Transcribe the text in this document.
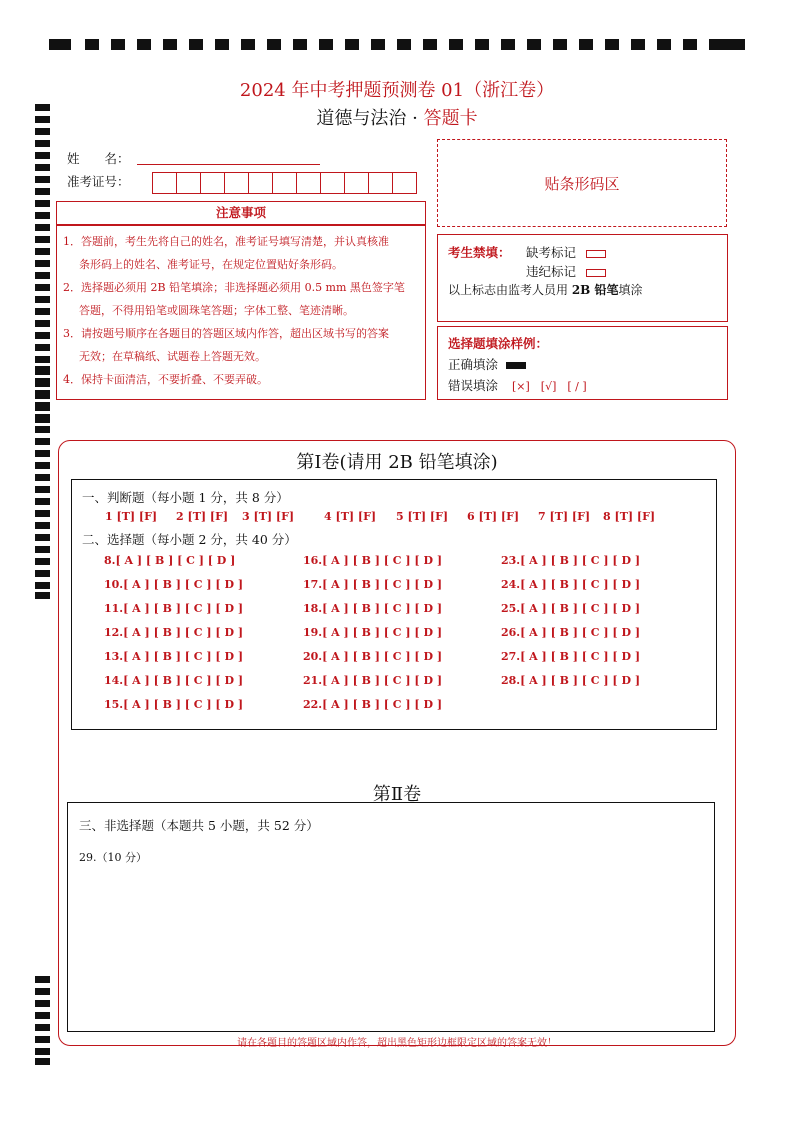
2024 年中考押题预测卷 01（浙江卷）
道德与法治 · 答题卡
姓　　名：
准考证号：	贴条形码区
注意事项
1．答题前，考生先将自己的姓名，准考证号填写清楚，并认真核准
条形码上的姓名、准考证号，在规定位置贴好条形码。
2．选择题必须用 2B 铅笔填涂；非选择题必须用 0.5 mm 黑色签字笔
答题，不得用铅笔或圆珠笔答题；字体工整、笔迹清晰。
3．请按题号顺序在各题目的答题区域内作答，超出区域书写的答案
无效；在草稿纸、试题卷上答题无效。
4．保持卡面清洁，不要折叠、不要弄破。
考生禁填： 缺考标记
违纪标记
以上标志由监考人员用 2B 铅笔填涂
选择题填涂样例：
正确填涂
错误填涂 [×]　[√]　[ / ]
第Ⅰ卷(请用 2B 铅笔填涂)
一、判断题（每小题 1 分，共 8 分）
1 [T] [F] 2 [T] [F] 3 [T] [F]	4 [T] [F] 5 [T] [F] 6 [T] [F] 7 [T] [F] 8 [T] [F]
二、选择题（每小题 2 分，共 40 分）
8.[ A ] [ B ] [ C ] [ D ]	16.[ A ] [ B ] [ C ] [ D ]	23.[ A ] [ B ] [ C ] [ D ]
10.[ A ] [ B ] [ C ] [ D ]	17.[ A ] [ B ] [ C ] [ D ]	24.[ A ] [ B ] [ C ] [ D ]
11.[ A ] [ B ] [ C ] [ D ]	18.[ A ] [ B ] [ C ] [ D ]	25.[ A ] [ B ] [ C ] [ D ]
12.[ A ] [ B ] [ C ] [ D ]	19.[ A ] [ B ] [ C ] [ D ]	26.[ A ] [ B ] [ C ] [ D ]
13.[ A ] [ B ] [ C ] [ D ]	20.[ A ] [ B ] [ C ] [ D ]	27.[ A ] [ B ] [ C ] [ D ]
14.[ A ] [ B ] [ C ] [ D ]	21.[ A ] [ B ] [ C ] [ D ]	28.[ A ] [ B ] [ C ] [ D ]
15.[ A ] [ B ] [ C ] [ D ]	22.[ A ] [ B ] [ C ] [ D ]
第Ⅱ卷
三、非选择题（本题共 5 小题，共 52 分）
29.（10 分）
请在各题目的答题区域内作答，超出黑色矩形边框限定区域的答案无效！
